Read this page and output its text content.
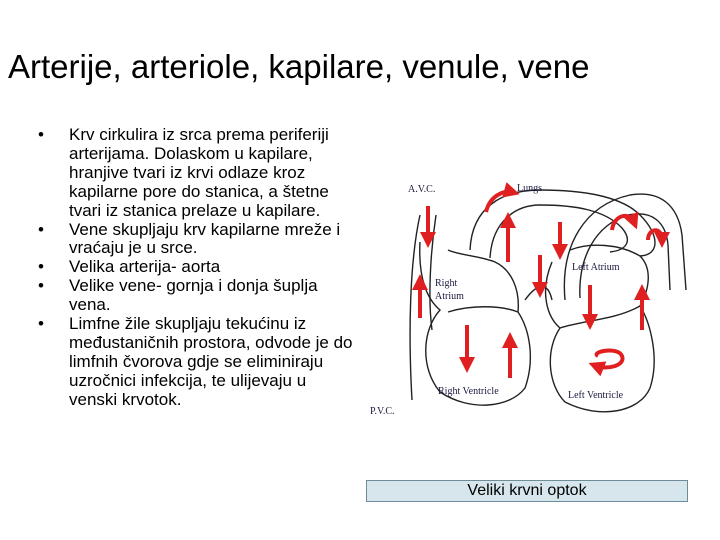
Arterije, arteriole, kapilare, venule, vene
• Krv cirkulira iz srca prema periferiji arterijama. Dolaskom u kapilare, hranjive tvari iz krvi odlaze kroz kapilarne pore do stanica, a štetne tvari iz stanica prelaze u kapilare.
• Vene skupljaju krv kapilarne mreže i vraćaju je u srce.
• Velika arterija- aorta
• Velike vene- gornja i donja šuplja vena.
• Limfne žile skupljaju tekućinu iz međustaničnih prostora, odvode je do limfnih čvorova gdje se eliminiraju uzročnici infekcija, te ulijevaju u venski krvotok.
A.V.C.	Lungs
Left Atrium
Right
Atrium
Right Ventricle	Left Ventricle
P.V.C.
Veliki krvni optok
